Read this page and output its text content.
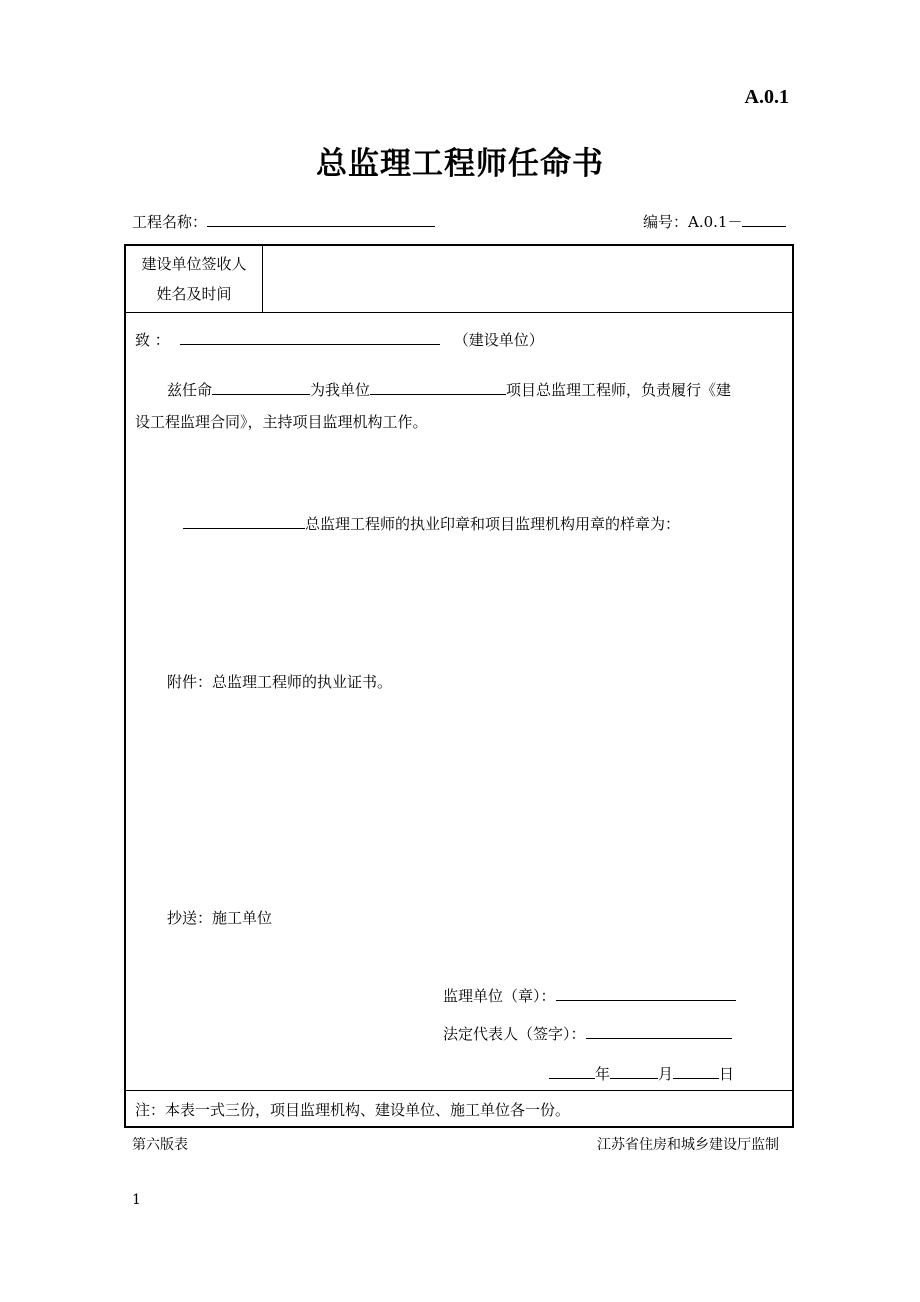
A.0.1
总监理工程师任命书
工程名称：	编号：A.0.1－
建设单位签收人
姓名及时间
致 ：	（建设单位）
兹任命	为我单位	项目总监理工程师，负责履行《建
设工程监理合同》，主持项目监理机构工作。
总监理工程师的执业印章和项目监理机构用章的样章为：
附件：总监理工程师的执业证书。
抄送：施工单位
监理单位（章）：
法定代表人（签字）：
年	月	日
注：本表一式三份，项目监理机构、建设单位、施工单位各一份。
第六版表	江苏省住房和城乡建设厅监制
1
